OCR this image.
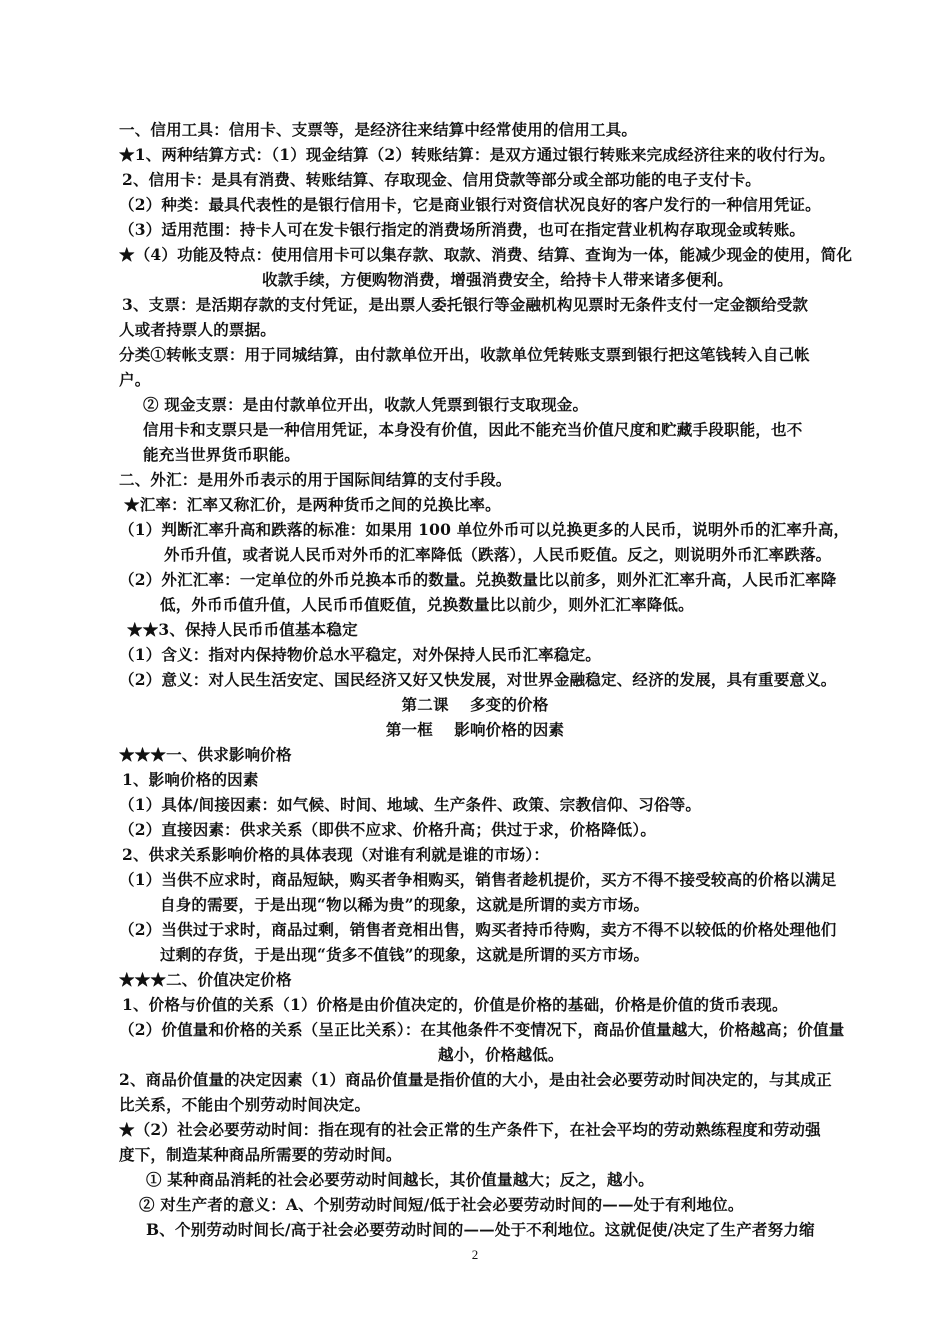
一、信用工具：信用卡、支票等，是经济往来结算中经常使用的信用工具。
★1、两种结算方式：（1）现金结算（2）转账结算：是双方通过银行转账来完成经济往来的收付行为。
2、信用卡：是具有消费、转账结算、存取现金、信用贷款等部分或全部功能的电子支付卡。
（2）种类：最具代表性的是银行信用卡，它是商业银行对资信状况良好的客户发行的一种信用凭证。
（3）适用范围：持卡人可在发卡银行指定的消费场所消费，也可在指定营业机构存取现金或转账。
★（4）功能及特点：使用信用卡可以集存款、取款、消费、结算、查询为一体，能减少现金的使用，简化
收款手续，方便购物消费，增强消费安全，给持卡人带来诸多便利。
3、支票：是活期存款的支付凭证，是出票人委托银行等金融机构见票时无条件支付一定金额给受款
人或者持票人的票据。
分类①转帐支票：用于同城结算，由付款单位开出，收款单位凭转账支票到银行把这笔钱转入自己帐
户。
② 现金支票：是由付款单位开出，收款人凭票到银行支取现金。
信用卡和支票只是一种信用凭证，本身没有价值，因此不能充当价值尺度和贮藏手段职能，也不
能充当世界货币职能。
二、外汇：是用外币表示的用于国际间结算的支付手段。
★汇率：汇率又称汇价，是两种货币之间的兑换比率。
（1）判断汇率升高和跌落的标准：如果用 100 单位外币可以兑换更多的人民币，说明外币的汇率升高，
外币升值，或者说人民币对外币的汇率降低（跌落），人民币贬值。反之，则说明外币汇率跌落。
（2）外汇汇率：一定单位的外币兑换本币的数量。兑换数量比以前多，则外汇汇率升高，人民币汇率降
低，外币币值升值，人民币币值贬值，兑换数量比以前少，则外汇汇率降低。
★★3、保持人民币币值基本稳定
（1）含义：指对内保持物价总水平稳定，对外保持人民币汇率稳定。
（2）意义：对人民生活安定、国民经济又好又快发展，对世界金融稳定、经济的发展，具有重要意义。
第二课　 多变的价格
第一框　 影响价格的因素
★★★一、供求影响价格
1、影响价格的因素
（1）具体/间接因素：如气候、时间、地域、生产条件、政策、宗教信仰、习俗等。
（2）直接因素：供求关系（即供不应求、价格升高；供过于求，价格降低）。
2、供求关系影响价格的具体表现（对谁有利就是谁的市场）：
（1）当供不应求时，商品短缺，购买者争相购买，销售者趁机提价，买方不得不接受较高的价格以满足
自身的需要，于是出现“物以稀为贵”的现象，这就是所谓的卖方市场。
（2）当供过于求时，商品过剩，销售者竞相出售，购买者持币待购，卖方不得不以较低的价格处理他们
过剩的存货，于是出现“货多不值钱”的现象，这就是所谓的买方市场。
★★★二、价值决定价格
1、价格与价值的关系（1）价格是由价值决定的，价值是价格的基础，价格是价值的货币表现。
（2）价值量和价格的关系（呈正比关系）：在其他条件不变情况下，商品价值量越大，价格越高；价值量
越小，价格越低。
2、商品价值量的决定因素（1）商品价值量是指价值的大小，是由社会必要劳动时间决定的，与其成正
比关系，不能由个别劳动时间决定。
★（2）社会必要劳动时间：指在现有的社会正常的生产条件下，在社会平均的劳动熟练程度和劳动强
度下，制造某种商品所需要的劳动时间。
① 某种商品消耗的社会必要劳动时间越长，其价值量越大；反之，越小。
② 对生产者的意义：A、个别劳动时间短/低于社会必要劳动时间的——处于有利地位。
B、个别劳动时间长/高于社会必要劳动时间的——处于不利地位。这就促使/决定了生产者努力缩
2
